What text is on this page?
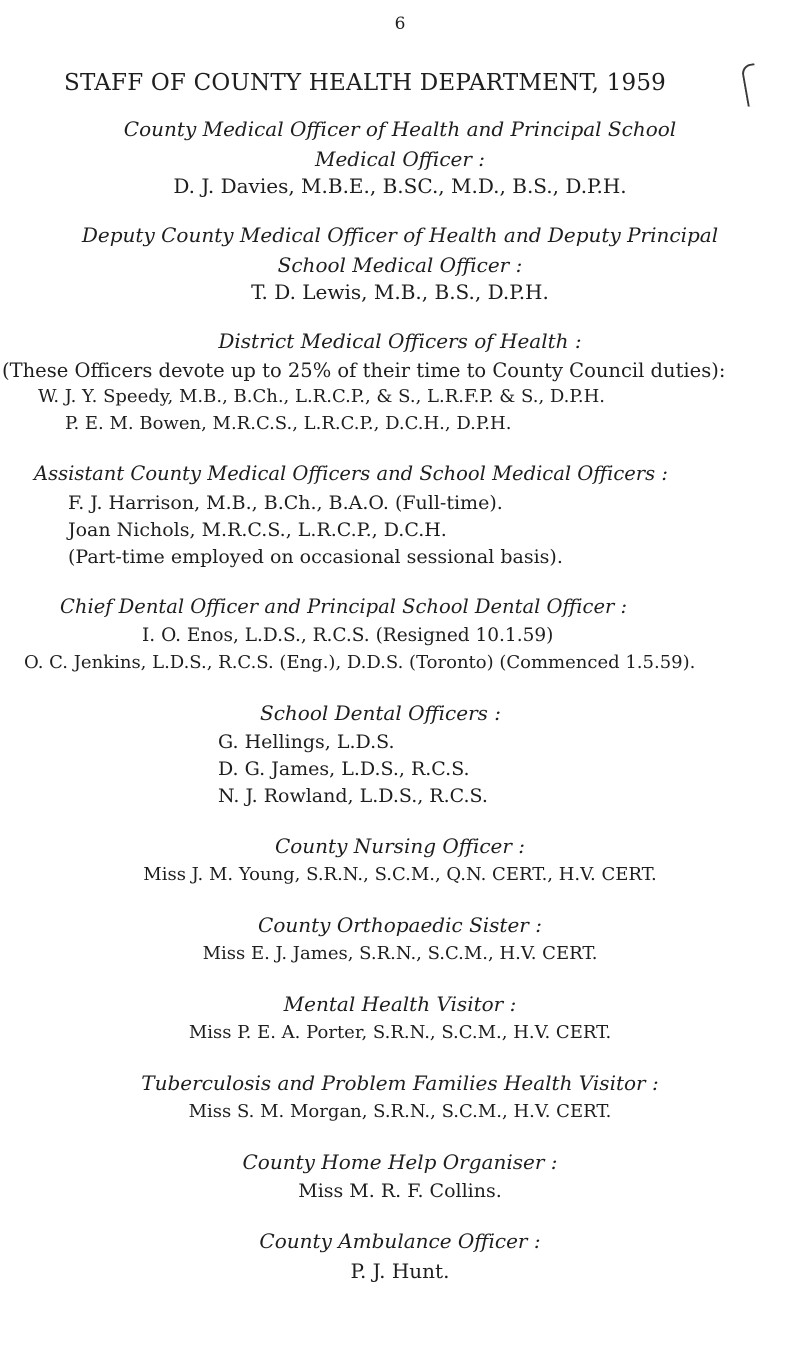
6
STAFF OF COUNTY HEALTH DEPARTMENT, 1959
County Medical Officer of Health and Principal School
Medical Officer :
D. J. Davies, M.B.E., B.SC., M.D., B.S., D.P.H.
Deputy County Medical Officer of Health and Deputy Principal
School Medical Officer :
T. D. Lewis, M.B., B.S., D.P.H.
District Medical Officers of Health :
(These Officers devote up to 25% of their time to County Council duties):
W. J. Y. Speedy, M.B., B.Ch., L.R.C.P., & S., L.R.F.P. & S., D.P.H.
P. E. M. Bowen, M.R.C.S., L.R.C.P., D.C.H., D.P.H.
Assistant County Medical Officers and School Medical Officers :
F. J. Harrison, M.B., B.Ch., B.A.O. (Full-time).
Joan Nichols, M.R.C.S., L.R.C.P., D.C.H.
(Part-time employed on occasional sessional basis).
Chief Dental Officer and Principal School Dental Officer :
I. O. Enos, L.D.S., R.C.S. (Resigned 10.1.59)
O. C. Jenkins, L.D.S., R.C.S. (Eng.), D.D.S. (Toronto) (Commenced 1.5.59).
School Dental Officers :
G. Hellings, L.D.S.
D. G. James, L.D.S., R.C.S.
N. J. Rowland, L.D.S., R.C.S.
County Nursing Officer :
Miss J. M. Young, S.R.N., S.C.M., Q.N. CERT., H.V. CERT.
County Orthopaedic Sister :
Miss E. J. James, S.R.N., S.C.M., H.V. CERT.
Mental Health Visitor :
Miss P. E. A. Porter, S.R.N., S.C.M., H.V. CERT.
Tuberculosis and Problem Families Health Visitor :
Miss S. M. Morgan, S.R.N., S.C.M., H.V. CERT.
County Home Help Organiser :
Miss M. R. F. Collins.
County Ambulance Officer :
P. J. Hunt.
